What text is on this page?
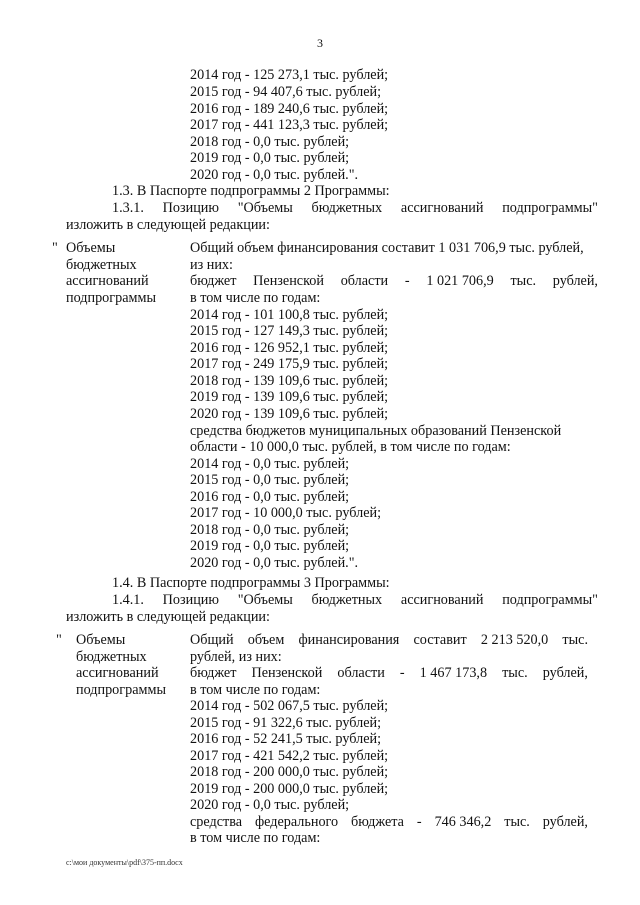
3
2014 год - 125 273,1 тыс. рублей;
2015 год - 94 407,6 тыс. рублей;
2016 год - 189 240,6 тыс. рублей;
2017 год - 441 123,3 тыс. рублей;
2018 год - 0,0 тыс. рублей;
2019 год - 0,0 тыс. рублей;
2020 год - 0,0 тыс. рублей.".
1.3. В Паспорте подпрограммы 2 Программы:
1.3.1. Позицию "Объемы бюджетных ассигнований подпрограммы"
изложить в следующей редакции:
" Объемы
бюджетных
ассигнований
подпрограммы
Общий объем финансирования составит 1 031 706,9 тыс. рублей,
из них:
бюджет Пензенской области - 1 021 706,9 тыс. рублей,
в том числе по годам:
2014 год - 101 100,8 тыс. рублей;
2015 год - 127 149,3 тыс. рублей;
2016 год - 126 952,1 тыс. рублей;
2017 год - 249 175,9 тыс. рублей;
2018 год - 139 109,6 тыс. рублей;
2019 год - 139 109,6 тыс. рублей;
2020 год - 139 109,6 тыс. рублей;
средства бюджетов муниципальных образований Пензенской
области - 10 000,0 тыс. рублей, в том числе по годам:
2014 год - 0,0 тыс. рублей;
2015 год - 0,0 тыс. рублей;
2016 год - 0,0 тыс. рублей;
2017 год - 10 000,0 тыс. рублей;
2018 год - 0,0 тыс. рублей;
2019 год - 0,0 тыс. рублей;
2020 год - 0,0 тыс. рублей.".
1.4. В Паспорте подпрограммы 3 Программы:
1.4.1. Позицию "Объемы бюджетных ассигнований подпрограммы"
изложить в следующей редакции:
" Объемы
бюджетных
ассигнований
подпрограммы
Общий объем финансирования составит 2 213 520,0 тыс.
рублей, из них:
бюджет Пензенской области - 1 467 173,8 тыс. рублей,
в том числе по годам:
2014 год - 502 067,5 тыс. рублей;
2015 год - 91 322,6 тыс. рублей;
2016 год - 52 241,5 тыс. рублей;
2017 год - 421 542,2 тыс. рублей;
2018 год - 200 000,0 тыс. рублей;
2019 год - 200 000,0 тыс. рублей;
2020 год - 0,0 тыс. рублей;
средства федерального бюджета - 746 346,2 тыс. рублей,
в том числе по годам:
c:\мои документы\pdf\375-пп.docx
